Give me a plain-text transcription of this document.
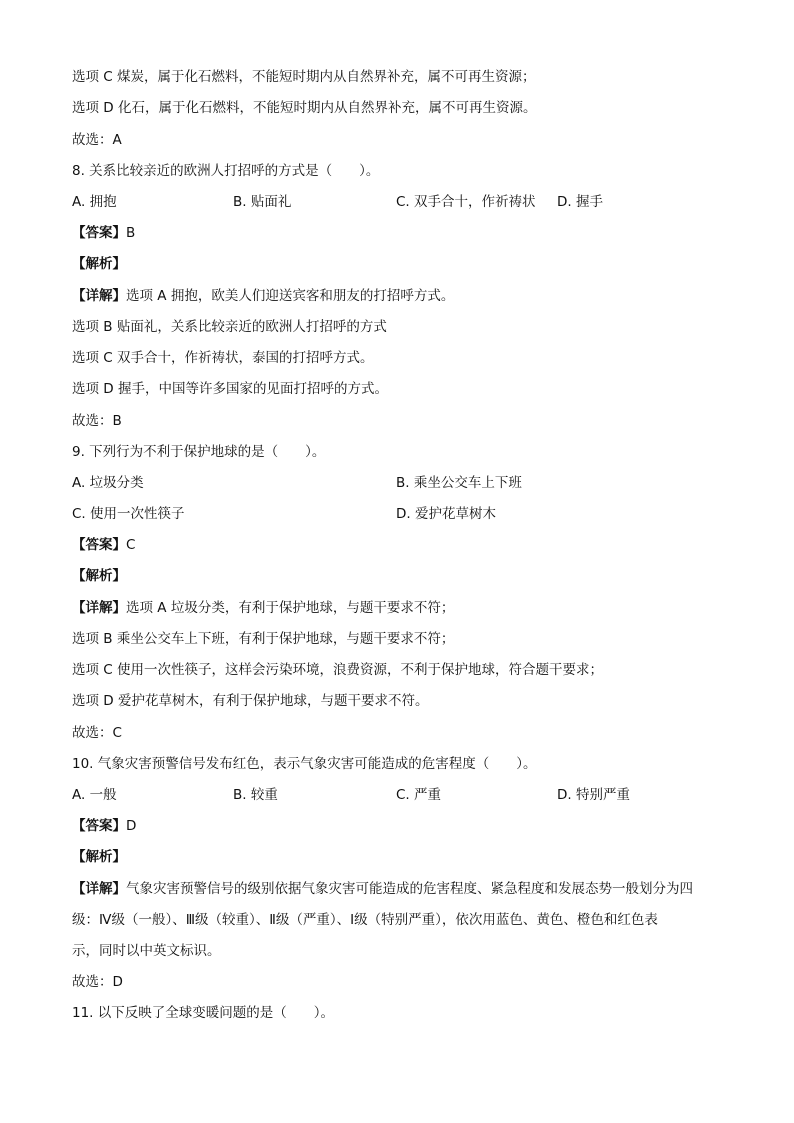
选项 C 煤炭，属于化石燃料，不能短时期内从自然界补充，属不可再生资源；
选项 D 化石，属于化石燃料，不能短时期内从自然界补充，属不可再生资源。
故选：A
8. 关系比较亲近的欧洲人打招呼的方式是（　　）。
A. 拥抱	B. 贴面礼	C. 双手合十，作祈祷状 D. 握手
【答案】B
【解析】
【详解】选项 A 拥抱，欧美人们迎送宾客和朋友的打招呼方式。
选项 B 贴面礼，关系比较亲近的欧洲人打招呼的方式
选项 C 双手合十，作祈祷状，泰国的打招呼方式。
选项 D 握手，中国等许多国家的见面打招呼的方式。
故选：B
9. 下列行为不利于保护地球的是（　　）。
A. 垃圾分类	B. 乘坐公交车上下班
C. 使用一次性筷子	D. 爱护花草树木
【答案】C
【解析】
【详解】选项 A 垃圾分类，有利于保护地球，与题干要求不符；
选项 B 乘坐公交车上下班，有利于保护地球，与题干要求不符；
选项 C 使用一次性筷子，这样会污染环境，浪费资源，不利于保护地球，符合题干要求；
选项 D 爱护花草树木，有利于保护地球，与题干要求不符。
故选：C
10. 气象灾害预警信号发布红色，表示气象灾害可能造成的危害程度（　　）。
A. 一般	B. 较重	C. 严重	D. 特别严重
【答案】D
【解析】
【详解】气象灾害预警信号的级别依据气象灾害可能造成的危害程度、紧急程度和发展态势一般划分为四
级：Ⅳ级（一般）、Ⅲ级（较重）、Ⅱ级（严重）、Ⅰ级（特别严重），依次用蓝色、黄色、橙色和红色表
示，同时以中英文标识。
故选：D
11. 以下反映了全球变暖问题的是（　　）。
